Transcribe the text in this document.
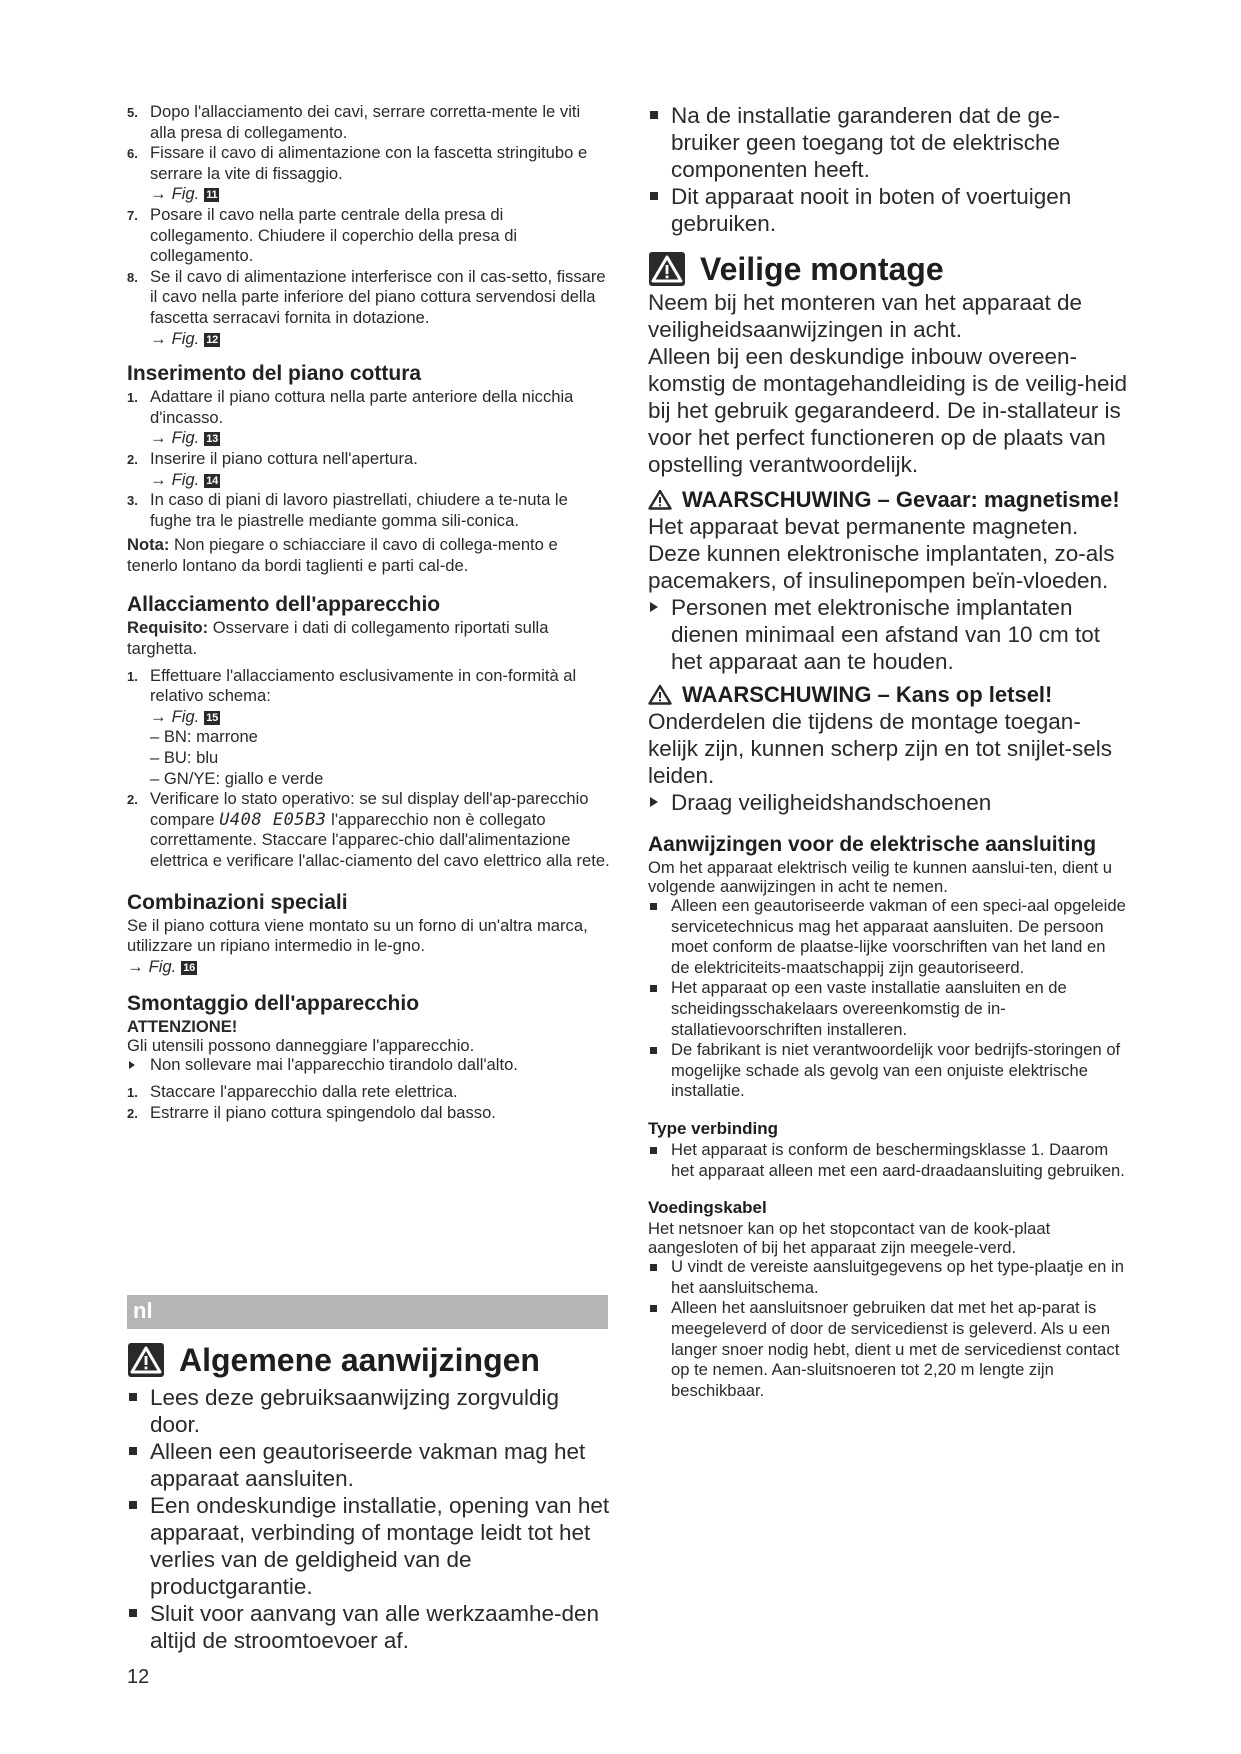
5. Dopo l'allacciamento dei cavi, serrare corretta-mente le viti alla presa di collegamento.
6. Fissare il cavo di alimentazione con la fascetta stringitubo e serrare la vite di fissaggio.
→ Fig. 11
7. Posare il cavo nella parte centrale della presa di collegamento. Chiudere il coperchio della presa di collegamento.
8. Se il cavo di alimentazione interferisce con il cas-setto, fissare il cavo nella parte inferiore del piano cottura servendosi della fascetta serracavi fornita in dotazione.
→ Fig. 12
Inserimento del piano cottura
1. Adattare il piano cottura nella parte anteriore della nicchia d'incasso.
→ Fig. 13
2. Inserire il piano cottura nell'apertura.
→ Fig. 14
3. In caso di piani di lavoro piastrellati, chiudere a te-nuta le fughe tra le piastrelle mediante gomma sili-conica.

Nota: Non piegare o schiacciare il cavo di collega-mento e tenerlo lontano da bordi taglienti e parti cal-de.

Allacciamento dell'apparecchio

Requisito: Osservare i dati di collegamento riportati sulla targhetta.

1. Effettuare l'allacciamento esclusivamente in con-formità al relativo schema:
→ Fig. 15
– BN: marrone
– BU: blu
– GN/YE: giallo e verde
2. Verificare lo stato operativo: se sul display dell'ap-parecchio compare U408 E05B3 l'apparecchio non è collegato correttamente. Staccare l'apparec-chio dall'alimentazione elettrica e verificare l'allac-ciamento del cavo elettrico alla rete.
Combinazioni speciali

Se il piano cottura viene montato su un forno di un'altra marca, utilizzare un ripiano intermedio in le-gno.
→ Fig. 16

Smontaggio dell'apparecchio

ATTENZIONE!

Gli utensili possono danneggiare l'apparecchio.

Non sollevare mai l'apparecchio tirandolo dall'alto.

1. Staccare l'apparecchio dalla rete elettrica.
2. Estrarre il piano cottura spingendolo dal basso.
nl
Algemene aanwijzingen
Lees deze gebruiksaanwijzing zorgvuldig door.
Alleen een geautoriseerde vakman mag het apparaat aansluiten.
Een ondeskundige installatie, opening van het apparaat, verbinding of montage leidt tot het verlies van de geldigheid van de productgarantie.
Sluit voor aanvang van alle werkzaamhe-den altijd de stroomtoevoer af.
Na de installatie garanderen dat de ge-bruiker geen toegang tot de elektrische componenten heeft.
Dit apparaat nooit in boten of voertuigen gebruiken.
Veilige montage

Neem bij het monteren van het apparaat de veiligheidsaanwijzingen in acht.

Alleen bij een deskundige inbouw overeen-komstig de montagehandleiding is de veilig-heid bij het gebruik gegarandeerd. De in-stallateur is voor het perfect functioneren op de plaats van opstelling verantwoordelijk.

WAARSCHUWING – Gevaar: magnetisme!

Het apparaat bevat permanente magneten. Deze kunnen elektronische implantaten, zo-als pacemakers, of insulinepompen beïn-vloeden.

Personen met elektronische implantaten dienen minimaal een afstand van 10 cm tot het apparaat aan te houden.

WAARSCHUWING – Kans op letsel!

Onderdelen die tijdens de montage toegan-kelijk zijn, kunnen scherp zijn en tot snijlet-sels leiden.

Draag veiligheidshandschoenen

Aanwijzingen voor de elektrische aansluiting

Om het apparaat elektrisch veilig te kunnen aanslui-ten, dient u volgende aanwijzingen in acht te nemen.

Alleen een geautoriseerde vakman of een speci-aal opgeleide servicetechnicus mag het apparaat aansluiten. De persoon moet conform de plaatse-lijke voorschriften van het land en de elektriciteits-maatschappij zijn geautoriseerd.
Het apparaat op een vaste installatie aansluiten en de scheidingsschakelaars overeenkomstig de in-stallatievoorschriften installeren.
De fabrikant is niet verantwoordelijk voor bedrijfs-storingen of mogelijke schade als gevolg van een onjuiste elektrische installatie.
Type verbinding
Het apparaat is conform de beschermingsklasse 1. Daarom het apparaat alleen met een aard-draadaansluiting gebruiken.
Voedingskabel

Het netsnoer kan op het stopcontact van de kook-plaat aangesloten of bij het apparaat zijn meegele-verd.

U vindt de vereiste aansluitgegevens op het type-plaatje en in het aansluitschema.
Alleen het aansluitsnoer gebruiken dat met het ap-parat is meegeleverd of door de servicedienst is geleverd. Als u een langer snoer nodig hebt, dient u met de servicedienst contact op te nemen. Aan-sluitsnoeren tot 2,20 m lengte zijn beschikbaar.
12
